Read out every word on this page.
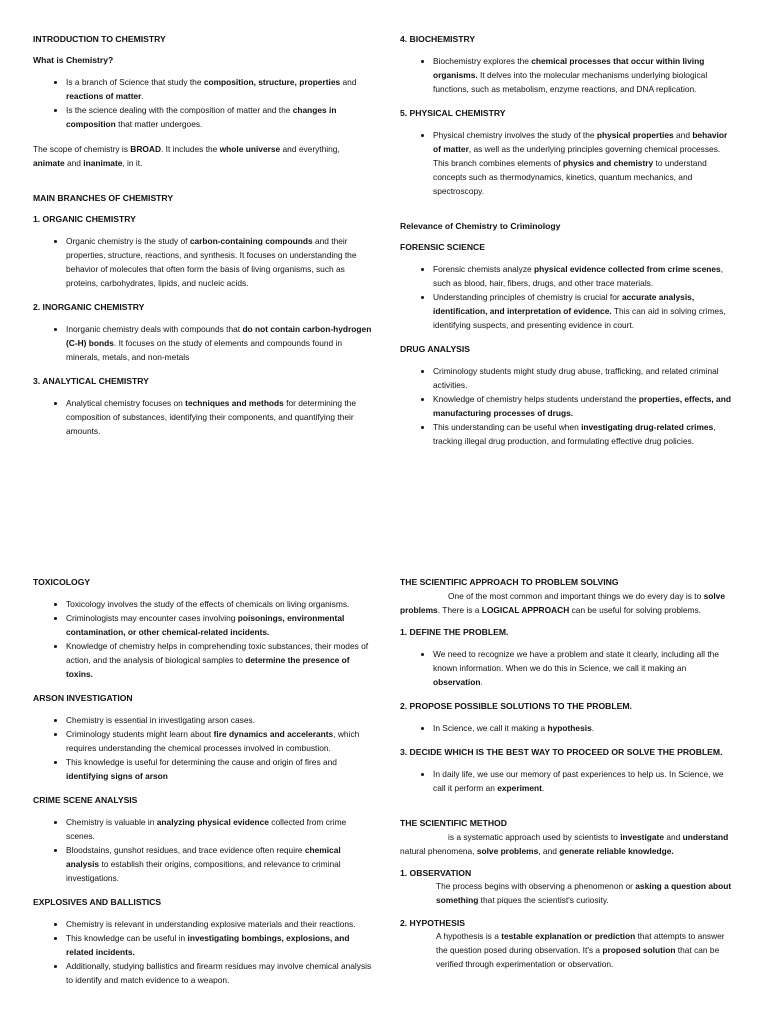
INTRODUCTION TO CHEMISTRY
What is Chemistry?
• Is a branch of Science that study the composition, structure, properties and reactions of matter.
• Is the science dealing with the composition of matter and the changes in composition that matter undergoes.

The scope of chemistry is BROAD. It includes the whole universe and everything, animate and inanimate, in it.

MAIN BRANCHES OF CHEMISTRY
1. ORGANIC CHEMISTRY
• Organic chemistry is the study of carbon-containing compounds and their properties, structure, reactions, and synthesis. It focuses on understanding the behavior of molecules that often form the basis of living organisms, such as proteins, carbohydrates, lipids, and nucleic acids.
2. INORGANIC CHEMISTRY
• Inorganic chemistry deals with compounds that do not contain carbon-hydrogen (C-H) bonds. It focuses on the study of elements and compounds found in minerals, metals, and non-metals
3. ANALYTICAL CHEMISTRY
• Analytical chemistry focuses on techniques and methods for determining the composition of substances, identifying their components, and quantifying their amounts.
4. BIOCHEMISTRY
• Biochemistry explores the chemical processes that occur within living organisms. It delves into the molecular mechanisms underlying biological functions, such as metabolism, enzyme reactions, and DNA replication.
5. PHYSICAL CHEMISTRY
• Physical chemistry involves the study of the physical properties and behavior of matter, as well as the underlying principles governing chemical processes. This branch combines elements of physics and chemistry to understand concepts such as thermodynamics, kinetics, quantum mechanics, and spectroscopy.
Relevance of Chemistry to Criminology
FORENSIC SCIENCE
• Forensic chemists analyze physical evidence collected from crime scenes, such as blood, hair, fibers, drugs, and other trace materials.
• Understanding principles of chemistry is crucial for accurate analysis, identification, and interpretation of evidence. This can aid in solving crimes, identifying suspects, and presenting evidence in court.
DRUG ANALYSIS
• Criminology students might study drug abuse, trafficking, and related criminal activities.
• Knowledge of chemistry helps students understand the properties, effects, and manufacturing processes of drugs.
• This understanding can be useful when investigating drug-related crimes, tracking illegal drug production, and formulating effective drug policies.
TOXICOLOGY
• Toxicology involves the study of the effects of chemicals on living organisms.
• Criminologists may encounter cases involving poisonings, environmental contamination, or other chemical-related incidents.
• Knowledge of chemistry helps in comprehending toxic substances, their modes of action, and the analysis of biological samples to determine the presence of toxins.
ARSON INVESTIGATION
• Chemistry is essential in investigating arson cases.
• Criminology students might learn about fire dynamics and accelerants, which requires understanding the chemical processes involved in combustion.
• This knowledge is useful for determining the cause and origin of fires and identifying signs of arson
CRIME SCENE ANALYSIS
• Chemistry is valuable in analyzing physical evidence collected from crime scenes.
• Bloodstains, gunshot residues, and trace evidence often require chemical analysis to establish their origins, compositions, and relevance to criminal investigations.
EXPLOSIVES AND BALLISTICS
• Chemistry is relevant in understanding explosive materials and their reactions.
• This knowledge can be useful in investigating bombings, explosions, and related incidents.
• Additionally, studying ballistics and firearm residues may involve chemical analysis to identify and match evidence to a weapon.
THE SCIENTIFIC APPROACH TO PROBLEM SOLVING

One of the most common and important things we do every day is to solve problems. There is a LOGICAL APPROACH can be useful for solving problems.

1. DEFINE THE PROBLEM.
• We need to recognize we have a problem and state it clearly, including all the known information. When we do this in Science, we call it making an observation.
2. PROPOSE POSSIBLE SOLUTIONS TO THE PROBLEM.
• In Science, we call it making a hypothesis.
3. DECIDE WHICH IS THE BEST WAY TO PROCEED OR SOLVE THE PROBLEM.
• In daily life, we use our memory of past experiences to help us. In Science, we call it perform an experiment.
THE SCIENTIFIC METHOD

is a systematic approach used by scientists to investigate and understand natural phenomena, solve problems, and generate reliable knowledge.

1. OBSERVATION

The process begins with observing a phenomenon or asking a question about something that piques the scientist's curiosity.

2. HYPOTHESIS

A hypothesis is a testable explanation or prediction that attempts to answer the question posed during observation. It's a proposed solution that can be verified through experimentation or observation.
